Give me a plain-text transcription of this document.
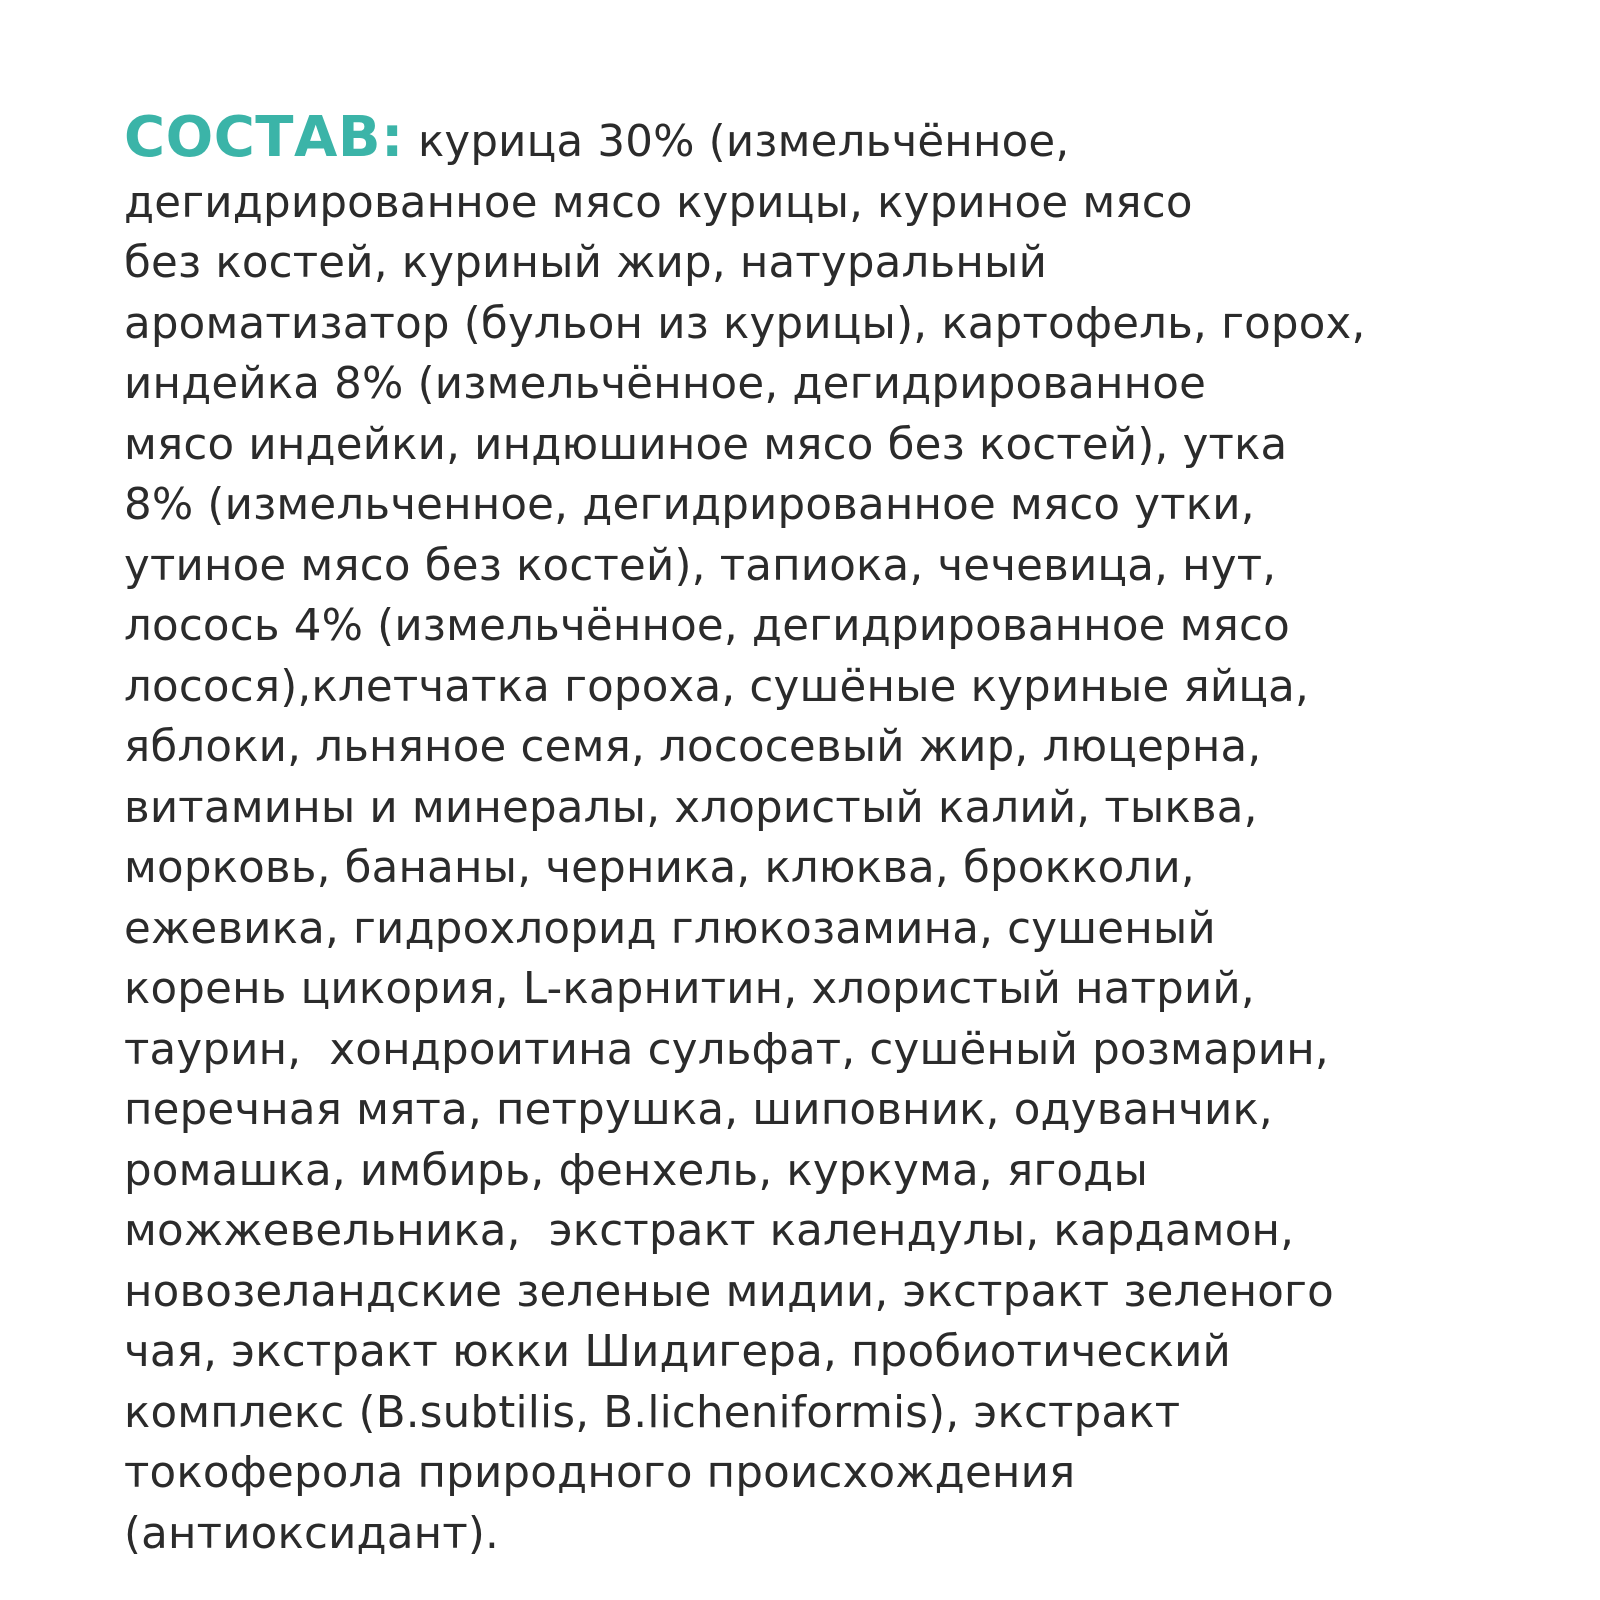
СОСТАВ: курица 30% (измельчённое,
дегидрированное мясо курицы, куриное мясо
без костей, куриный жир, натуральный
ароматизатор (бульон из курицы), картофель, горох,
индейка 8% (измельчённое, дегидрированное
мясо индейки, индюшиное мясо без костей), утка
8% (измельченное, дегидрированное мясо утки,
утиное мясо без костей), тапиока, чечевица, нут,
лосось 4% (измельчённое, дегидрированное мясо
лосося),клетчатка гороха, сушёные куриные яйца,
яблоки, льняное семя, лососевый жир, люцерна,
витамины и минералы, хлористый калий, тыква,
морковь, бананы, черника, клюква, брокколи,
ежевика, гидрохлорид глюкозамина, сушеный
корень цикория, L-карнитин, хлористый натрий,
таурин,  хондроитина сульфат, сушёный розмарин,
перечная мята, петрушка, шиповник, одуванчик,
ромашка, имбирь, фенхель, куркума, ягоды
можжевельника,  экстракт календулы, кардамон,
новозеландские зеленые мидии, экстракт зеленого
чая, экстракт юкки Шидигера, пробиотический
комплекс (B.subtilis, B.licheniformis), экстракт
токоферола природного происхождения
(антиоксидант).
